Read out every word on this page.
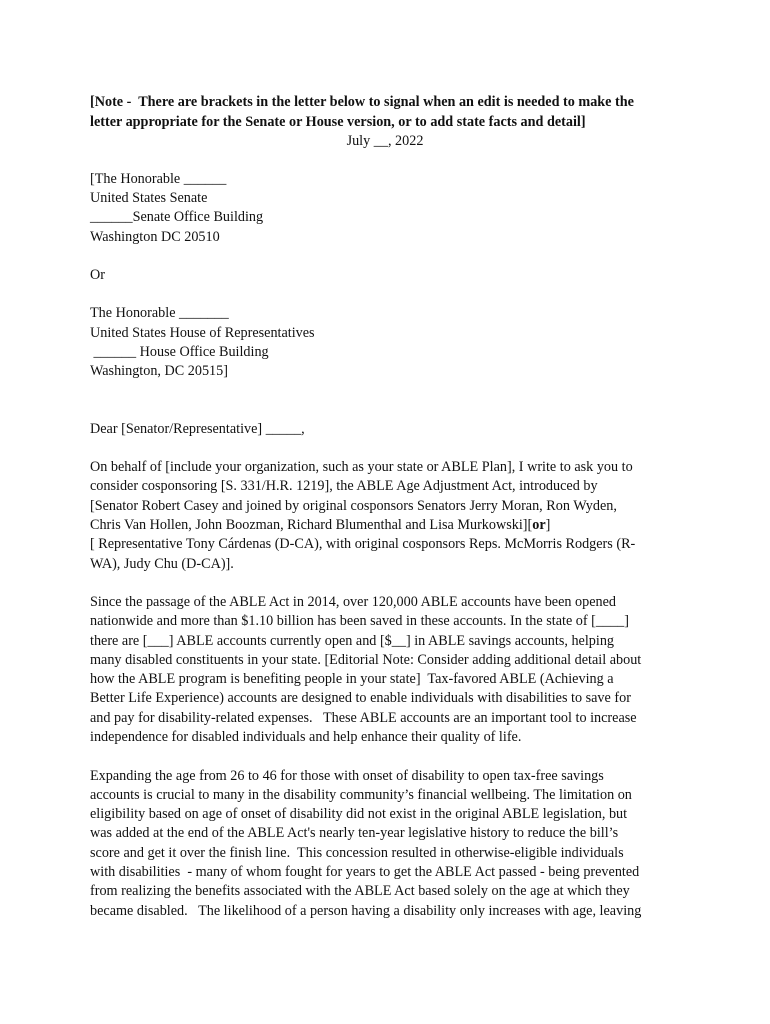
[Note -  There are brackets in the letter below to signal when an edit is needed to make the
letter appropriate for the Senate or House version, or to add state facts and detail]
July __, 2022
[The Honorable ______
United States Senate
______Senate Office Building
Washington DC 20510
Or
The Honorable _______
United States House of Representatives
______ House Office Building
Washington, DC 20515]
Dear [Senator/Representative] _____,
On behalf of [include your organization, such as your state or ABLE Plan], I write to ask you to
consider cosponsoring [S. 331/H.R. 1219], the ABLE Age Adjustment Act, introduced by
[Senator Robert Casey and joined by original cosponsors Senators Jerry Moran, Ron Wyden,
Chris Van Hollen, John Boozman, Richard Blumenthal and Lisa Murkowski][or]
[ Representative Tony Cárdenas (D-CA), with original cosponsors Reps. McMorris Rodgers (R-
WA), Judy Chu (D-CA)].
Since the passage of the ABLE Act in 2014, over 120,000 ABLE accounts have been opened
nationwide and more than $1.10 billion has been saved in these accounts. In the state of [____]
there are [___] ABLE accounts currently open and [$__] in ABLE savings accounts, helping
many disabled constituents in your state. [Editorial Note: Consider adding additional detail about
how the ABLE program is benefiting people in your state]  Tax-favored ABLE (Achieving a
Better Life Experience) accounts are designed to enable individuals with disabilities to save for
and pay for disability-related expenses.   These ABLE accounts are an important tool to increase
independence for disabled individuals and help enhance their quality of life.
Expanding the age from 26 to 46 for those with onset of disability to open tax-free savings
accounts is crucial to many in the disability community’s financial wellbeing. The limitation on
eligibility based on age of onset of disability did not exist in the original ABLE legislation, but
was added at the end of the ABLE Act's nearly ten-year legislative history to reduce the bill’s
score and get it over the finish line.  This concession resulted in otherwise-eligible individuals
with disabilities  - many of whom fought for years to get the ABLE Act passed - being prevented
from realizing the benefits associated with the ABLE Act based solely on the age at which they
became disabled.   The likelihood of a person having a disability only increases with age, leaving
